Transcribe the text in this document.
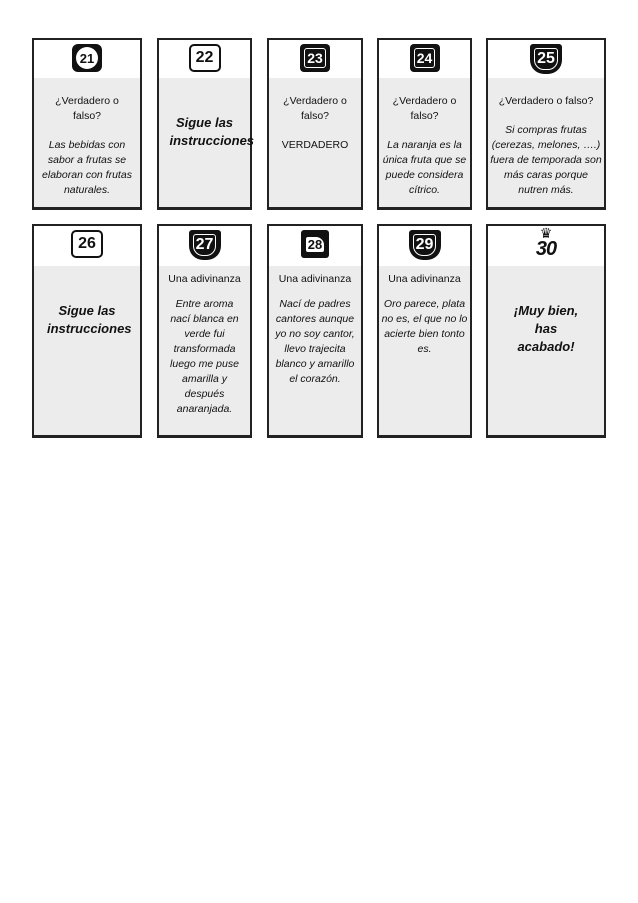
21
¿Verdadero o falso?
Las bebidas con sabor a frutas se elaboran con frutas naturales.
22
Sigue las instrucciones
23
¿Verdadero o falso?
VERDADERO
24
¿Verdadero o falso?
La naranja es la única fruta que se puede considera cítrico.
25
¿Verdadero o falso?
Si compras frutas (cerezas, melones, ….) fuera de temporada son más caras porque nutren más.
26
Sigue las instrucciones
27
Una adivinanza
Entre aroma nací blanca en verde fui transformada luego me puse amarilla y después anaranjada.
28
Una adivinanza
Nací de padres cantores aunque yo no soy cantor, llevo trajecita blanco y amarillo el corazón.
29
Una adivinanza
Oro parece, plata no es, el que no lo acierte bien tonto es.
♛
30
¡Muy bien, has acabado!
